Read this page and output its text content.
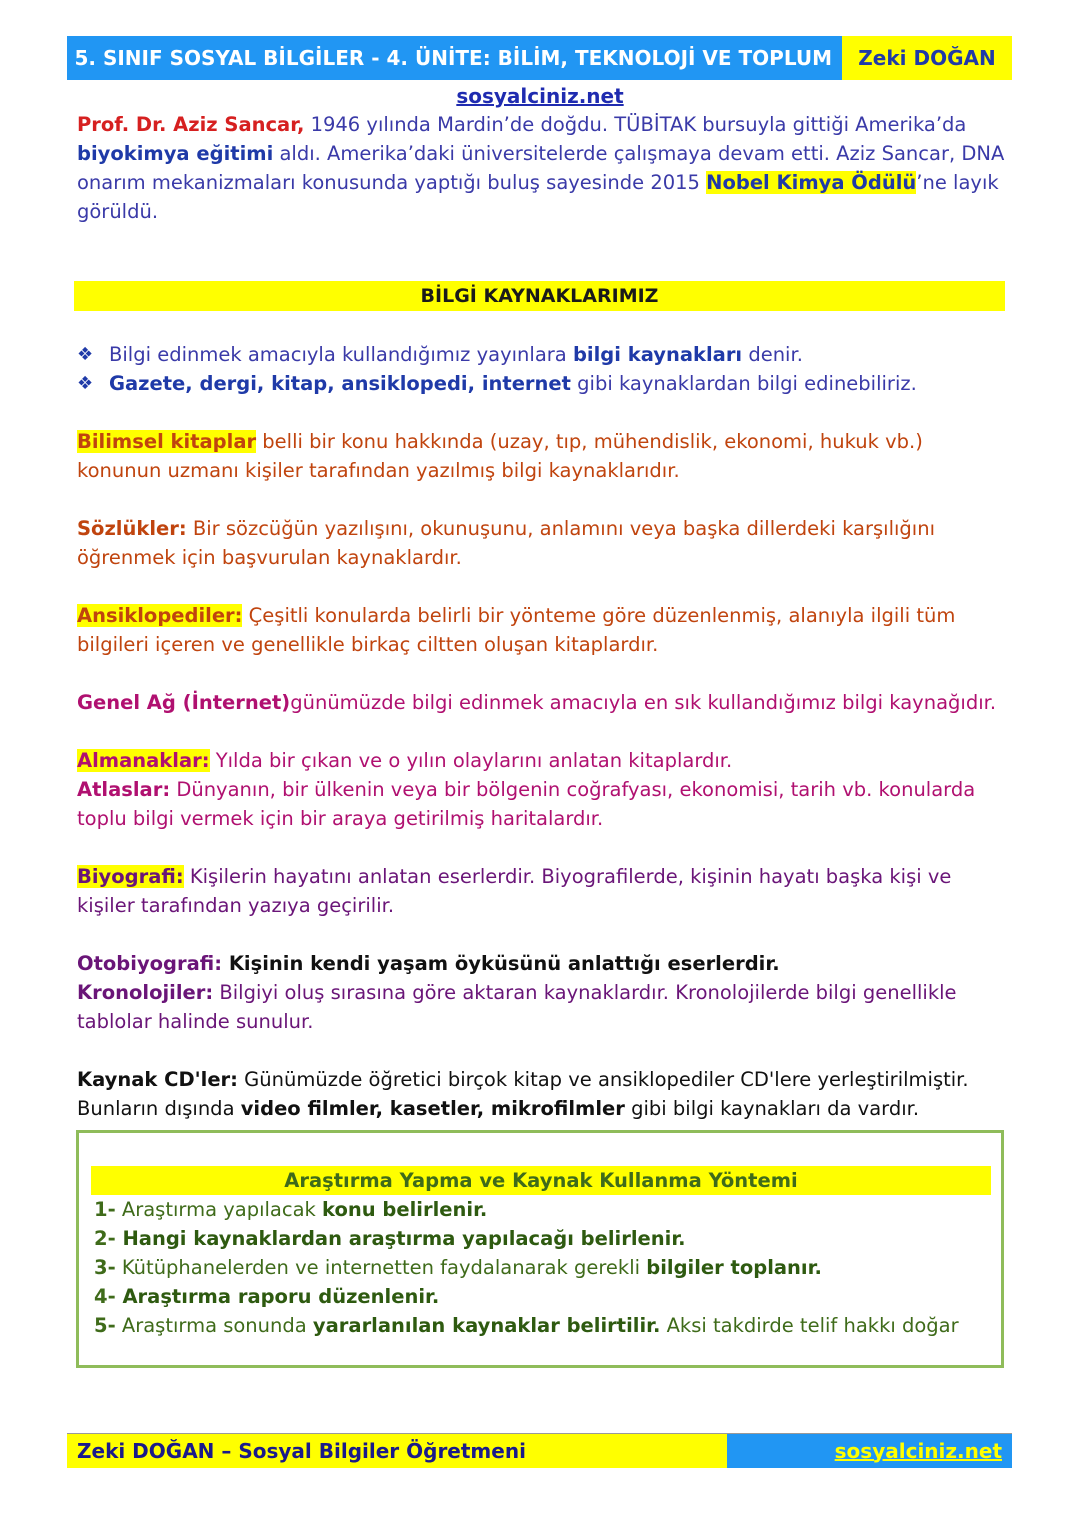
5. SINIF SOSYAL BİLGİLER - 4. ÜNİTE: BİLİM, TEKNOLOJİ VE TOPLUM	Zeki DOĞAN
sosyalciniz.net

Prof. Dr. Aziz Sancar, 1946 yılında Mardin’de doğdu. TÜBİTAK bursuyla gittiği Amerika’da biyokimya eğitimi aldı. Amerika’daki üniversitelerde çalışmaya devam etti. Aziz Sancar, DNA onarım mekanizmaları konusunda yaptığı buluş sayesinde 2015 Nobel Kimya Ödülü’ne layık görüldü.

BİLGİ KAYNAKLARIMIZ
❖ Bilgi edinmek amacıyla kullandığımız yayınlara bilgi kaynakları denir.
❖ Gazete, dergi, kitap, ansiklopedi, internet gibi kaynaklardan bilgi edinebiliriz.

Bilimsel kitaplar belli bir konu hakkında (uzay, tıp, mühendislik, ekonomi, hukuk vb.) konunun uzmanı kişiler tarafından yazılmış bilgi kaynaklarıdır.

Sözlükler: Bir sözcüğün yazılışını, okunuşunu, anlamını veya başka dillerdeki karşılığını öğrenmek için başvurulan kaynaklardır.

Ansiklopediler: Çeşitli konularda belirli bir yönteme göre düzenlenmiş, alanıyla ilgili tüm bilgileri içeren ve genellikle birkaç ciltten oluşan kitaplardır.

Genel Ağ (İnternet)günümüzde bilgi edinmek amacıyla en sık kullandığımız bilgi kaynağıdır.

Almanaklar: Yılda bir çıkan ve o yılın olaylarını anlatan kitaplardır.

Atlaslar: Dünyanın, bir ülkenin veya bir bölgenin coğrafyası, ekonomisi, tarih vb. konularda toplu bilgi vermek için bir araya getirilmiş haritalardır.

Biyografi: Kişilerin hayatını anlatan eserlerdir. Biyografilerde, kişinin hayatı başka kişi ve kişiler tarafından yazıya geçirilir.

Otobiyografi: Kişinin kendi yaşam öyküsünü anlattığı eserlerdir.

Kronolojiler: Bilgiyi oluş sırasına göre aktaran kaynaklardır. Kronolojilerde bilgi genellikle tablolar halinde sunulur.

Kaynak CD'ler: Günümüzde öğretici birçok kitap ve ansiklopediler CD'lere yerleştirilmiştir.

Bunların dışında video filmler, kasetler, mikrofilmler gibi bilgi kaynakları da vardır.

Araştırma Yapma ve Kaynak Kullanma Yöntemi

1- Araştırma yapılacak konu belirlenir.

2- Hangi kaynaklardan araştırma yapılacağı belirlenir.

3- Kütüphanelerden ve internetten faydalanarak gerekli bilgiler toplanır.

4- Araştırma raporu düzenlenir.

5- Araştırma sonunda yararlanılan kaynaklar belirtilir. Aksi takdirde telif hakkı doğar

Zeki DOĞAN – Sosyal Bilgiler Öğretmeni	sosyalciniz.net
